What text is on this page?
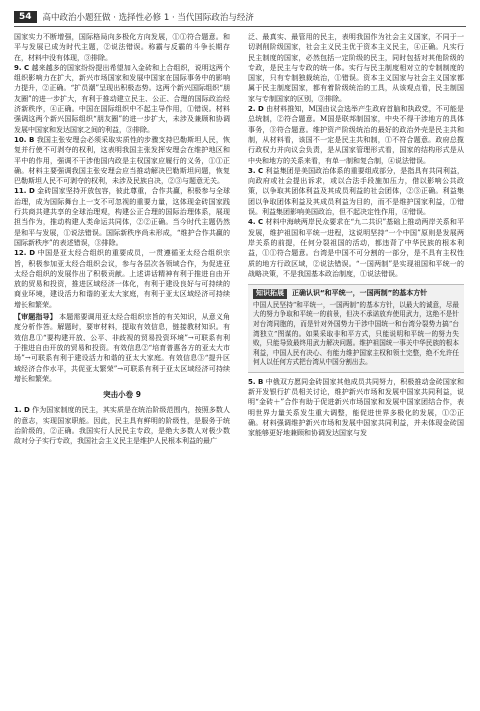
54	高中政治小题狂做 · 选择性必修 1 · 当代国际政治与经济

国家实力不断增强，国际格局向多极化方向发展，①①符合题意。和平与发展已成为时代主题，②说法错误。称霸与反霸的斗争长期存在，材料中没有体现，③排除。

9. C 越来越多的国家纷纷提出希望加入金砖和上合组织，说明这两个组织影响力在扩大，新兴市场国家和发展中国家在国际事务中的影响力提升，②正确。“扩员潮”呈现出积极态势。这两个新兴国际组织“朋友圈”的进一步扩大，有利于推动建立民主、公正、合理的国际政治经济新秩序，④正确。中国在国际组织中不起主导作用，①错误。材料强调这两个新兴国际组织“朋友圈”的进一步扩大，未涉及兼顾和协调发展中国家和发达国家之间的利益，③排除。

10. B 我国主张安理会必须采取实质性的步骤支持巴勒斯坦人民，恢复并行使不可剥夺的权利，这表明我国主张发挥安理会在维护地区和平中的作用，强调不干涉他国内政是主权国家应履行的义务，①①正确。材料主要强调我国主张安理会应当推动解决巴勒斯坦问题，恢复巴勒斯坦人民不可剥夺的权利，未涉及民族自决，②③与题意无关。

11. D 金砖国家坚持开放包容，彼此尊重，合作共赢，积极参与全球治理，成为国际舞台上一支不可忽视的重要力量，这体现金砖国家践行共商共建共享的全球治理观，构建公正合理的国际治理体系，展现担当作为，推动构建人类命运共同体，②②正确。当今时代主题仍然是和平与发展，①说法错误。国际新秩序尚未形成，“维护合作共赢的国际新秩序”的表述错误，③排除。

12. D 中国是亚太经合组织的重要成员，一贯遵循亚太经合组织宗旨，积极参加亚太经合组织会议，参与各层次各领域合作，为促进亚太经合组织的发展作出了积极贡献。上述讲话精神有利于推进自由开放的贸易和投资，推进区域经济一体化，有利于建设良好与可持续的商业环境，建设活力和谐的亚太大家庭，有利于亚太区域经济可持续增长和繁荣。

【审题指导】 本题需要调用亚太经合组织宗旨的有关知识，从意义角度分析作答。解题时，要审材料，提取有效信息，链接教材知识。有效信息①“要构建开放、公平、非歧视的贸易投资环境”→可联系有利于推进自由开放的贸易和投资。有效信息②“培育普惠各方的亚太大市场”→可联系有利于建设活力和谐的亚太大家庭。有效信息③“提升区域经济合作水平，共促亚太繁荣”→可联系有利于亚太区域经济可持续增长和繁荣。

突击小卷 9

1. D 作为国家制度的民主，其实质是在统治阶级范围内，按照多数人的意志，实现国家职能。因此，民主具有鲜明的阶级性，是服务于统治阶级的，②正确。我国实行人民民主专政，是绝大多数人对极少数敌对分子实行专政，我国社会主义民主是维护人民根本利益的最广

泛、最真实、最管用的民主，表明我国作为社会主义国家，不同于一切剥削阶级国家，社会主义民主优于资本主义民主，④正确。凡实行民主制度的国家，必然包括一定阶级的民主，同时包括对其他阶级的专政，是民主与专政的统一体。实行与民主制度相对立的专制制度的国家，只有专制独裁统治，①错误。资本主义国家与社会主义国家都属于民主制度国家，都有着阶级统治的工具，从该观点看，民主制国家与专制国家的区别，③排除。

2. D 由材料推知，M国由议会选举产生政府首脑和执政党，不可能是总统制，②符合题意。M国是联邦制国家，中央不得干涉地方的具体事务，③符合题意。维护资产阶级统治的最好的政治外壳是民主共和制，从材料看，该国不一定是民主共和制，①不符合题意。政府总揽行政权力并向议会负责，是从国家管理形式看，国家的结构形式是从中央和地方的关系来看，有单一制和复合制，④说法错误。

3. C 利益集团是美国政治体系的重要组成部分，是指具有共同利益，向政府或社会提出诉求，或以合法手段施加压力，借以影响公共政策，以争取其团体利益及其成员利益的社会团体，②③正确。利益集团以争取团体利益及其成员利益为目的，而不是维护国家利益，①错误。利益集团影响美国政治，但不起决定性作用，④错误。

4. C 材料中海峡两岸民众要求在“九二共识”基础上推动两岸关系和平发展，维护祖国和平统一进程，这说明坚持“一个中国”原则是发展两岸关系的前提，任何分裂祖国的活动，都违背了中华民族的根本利益，①①符合题意。台湾是中国不可分割的一部分，是不具有主权性质的地方行政区域，②说法错误。“一国两制”是实现祖国和平统一的战略决策，不是我国基本政治制度，①说法错误。

知识拓展	正确认识“和平统一，一国两制”的基本方针
中国人民坚持“和平统一，一国两制”的基本方针，以最大的诚意，尽最大的努力争取和平统一的前景，但决不承诺放弃使用武力，这绝不是针对台湾同胞的，而是针对外国势力干涉中国统一和台湾分裂势力搞“台湾独立”图谋的。如果采取非和平方式，只能说明和平统一的努力失败，只能导致最终用武力解决问题。维护祖国统一事关中华民族的根本利益，中国人民有决心、有能力维护国家主权和领土完整，绝不允许任何人以任何方式把台湾从中国分割出去。

5. B 中俄双方愿同金砖国家其他成员共同努力，积极推动金砖国家和新开发银行扩员相关讨论，维护新兴市场和发展中国家共同利益，说明“金砖＋”合作有助于促进新兴市场国家和发展中国家团结合作，表明世界力量关系发生重大调整，能促进世界多极化的发展，①②正确。材料强调维护新兴市场和发展中国家共同利益，并未体现金砖国家能够更好地兼顾和协调发达国家与发
